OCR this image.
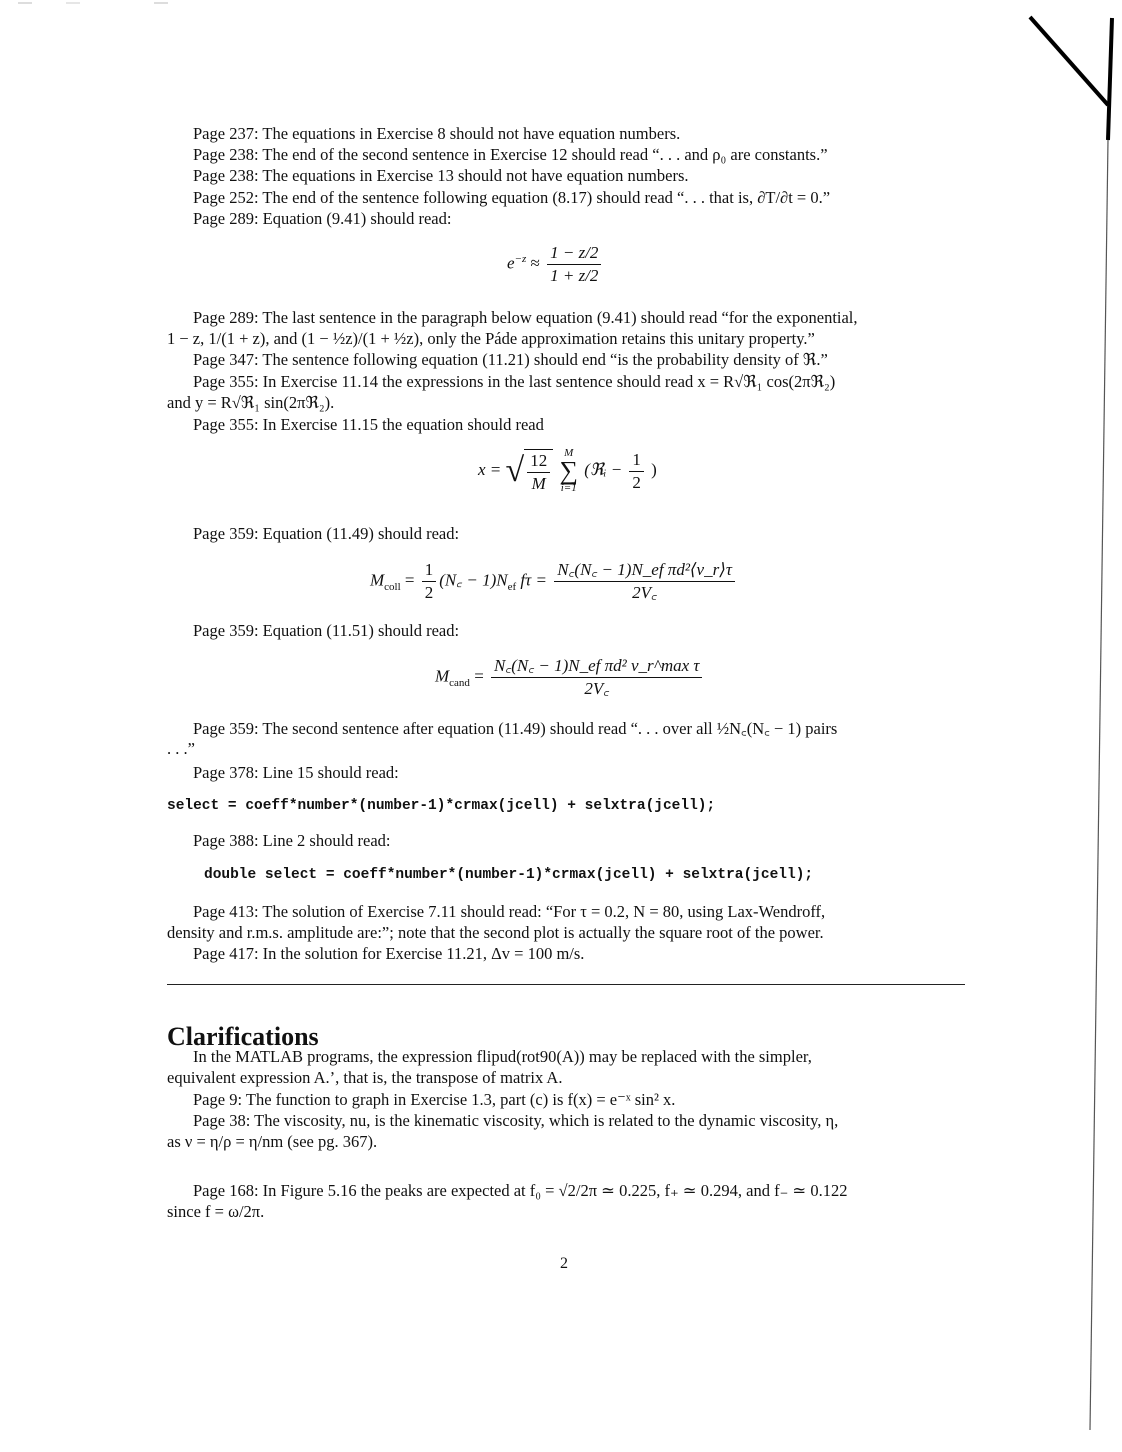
Page 237: The equations in Exercise 8 should not have equation numbers.
Page 238: The end of the second sentence in Exercise 12 should read “. . . and ρ₀ are constants.”
Page 238: The equations in Exercise 13 should not have equation numbers.
Page 252: The end of the sentence following equation (8.17) should read “. . . that is, ∂T/∂t = 0.”
Page 289: Equation (9.41) should read:
$e^{-z} \approx \frac{1 - z/2}{1 + z/2}$
Page 289: The last sentence in the paragraph below equation (9.41) should read “for the exponential,
1 − z, 1/(1 + z), and (1 − ½z)/(1 + ½z), only the Páde approximation retains this unitary property.”
Page 347: The sentence following equation (11.21) should end “is the probability density of ℜ.”
Page 355: In Exercise 11.14 the expressions in the last sentence should read x = R√ℜ₁ cos(2πℜ₂)
and y = R√ℜ₁ sin(2πℜ₂).
Page 355: In Exercise 11.15 the equation should read
x = √ $\frac{12}{M}$
M
∑
i=1
(ℜᵢ − $\frac{1}{2}$ )
Page 359: Equation (11.49) should read:
$M_{coll} = \frac{1}{2}$ (N꜀ − $1)N_{ef}$ $f\tau = \frac{\text{N꜀(N꜀ − 1)N\_ef πd²⟨v\_r⟩τ}}{2V꜀}$
Page 359: Equation (11.51) should read:
$M_{cand} = \frac{\text{N꜀(N꜀ − 1)N\_ef πd² v\_r\textasciicircum{}max τ}}{2V꜀}$
Page 359: The second sentence after equation (11.49) should read “. . . over all ½N꜀(N꜀ − 1) pairs
. . .”
Page 378: Line 15 should read:
select = coeff*number*(number-1)*crmax(jcell) + selxtra(jcell);
Page 388: Line 2 should read:
double select = coeff*number*(number-1)*crmax(jcell) + selxtra(jcell);
Page 413: The solution of Exercise 7.11 should read: “For τ = 0.2, N = 80, using Lax-Wendroff,
density and r.m.s. amplitude are:”; note that the second plot is actually the square root of the power.
Page 417: In the solution for Exercise 11.21, Δv = 100 m/s.
Clarifications
In the MATLAB programs, the expression flipud(rot90(A)) may be replaced with the simpler,
equivalent expression A.’, that is, the transpose of matrix A.
Page 9: The function to graph in Exercise 1.3, part (c) is f(x) = e⁻ˣ sin² x.
Page 38: The viscosity, nu, is the kinematic viscosity, which is related to the dynamic viscosity, η,
as ν = η/ρ = η/nm (see pg. 367).
Page 168: In Figure 5.16 the peaks are expected at f₀ = √2/2π ≃ 0.225, f₊ ≃ 0.294, and f₋ ≃ 0.122
since f = ω/2π.
2
